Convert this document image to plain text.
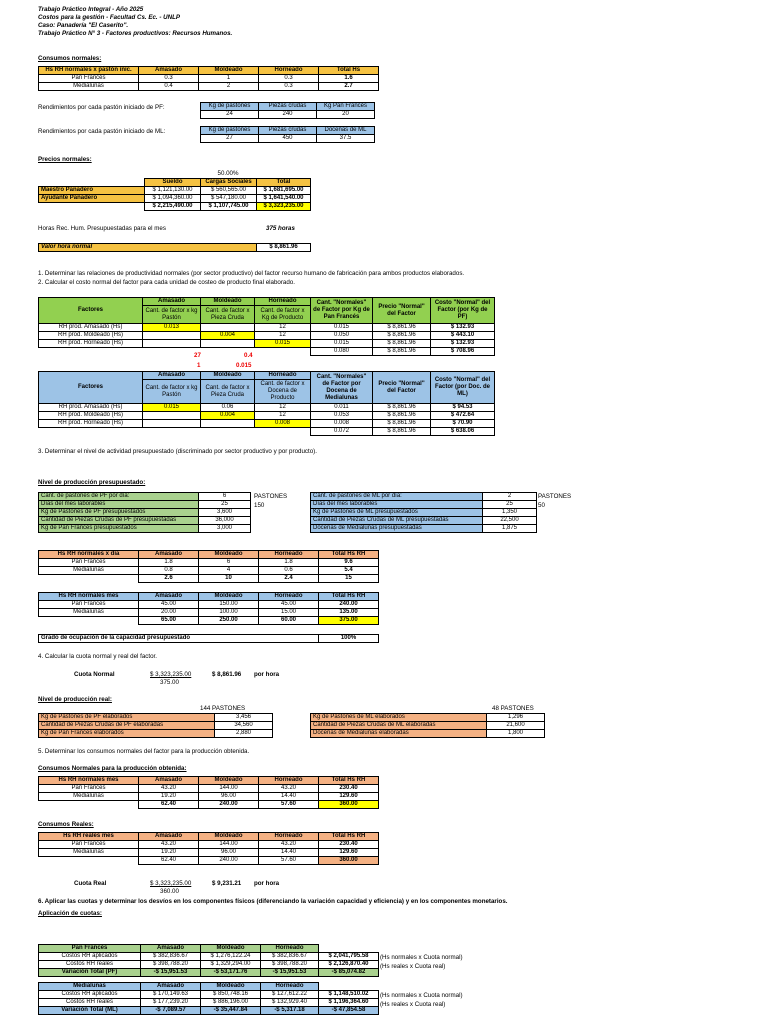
Trabajo Práctico Integral - Año 2025
Costos para la gestión - Facultad Cs. Ec. - UNLP
Caso: Panadería "El Caserito".
Trabajo Práctico N° 3 - Factores productivos: Recursos Humanos.
Consumos normales:
Hs RH normales x pastón inic.	Amasado	Moldeado	Horneado	Total Hs
Pan Francés	0.3	1	0.3	1.6
Medialunas	0.4	2	0.3	2.7
Rendimientos por cada pastón iniciado de PF:	Kg de pastones	Piezas crudas	Kg Pan Francés
24	240	20
Rendimientos por cada pastón iniciado de ML:	Kg de pastones	Piezas crudas	Docenas de ML
27	450	37.5
Precios normales:
50.00%
	Sueldo	Cargas Sociales	Total
Maestro Panadero	$ 1,121,130.00	$ 560,565.00	$ 1,681,695.00
Ayudante Panadero	$ 1,094,360.00	$ 547,180.00	$ 1,641,540.00
	$ 2,215,490.00	$ 1,107,745.00	$ 3,323,235.00
Horas Rec. Hum. Presupuestadas para el mes	375 horas
Valor hora normal	$ 8,861.96
1. Determinar las relaciones de productividad normales (por sector productivo) del factor recurso humano de fabricación para ambos productos elaborados.
2. Calcular el costo normal del factor para cada unidad de costeo de producto final elaborado.
Factores	Amasado	Moldeado	Horneado	Cant. "Normales" de Factor por Kg de Pan Francés	Precio "Normal" del Factor	Costo "Normal" del Factor (por Kg de PF)
	Cant. de factor x kg Pastón	Cant. de factor x Pieza Cruda	Cant. de factor x Kg de Producto			
RH prod. Amasado (Hs)	0.013		12	0.015	$ 8,861.96	$ 132.93
RH prod. Moldeado (Hs)		0.004	12	0.050	$ 8,861.96	$ 443.10
RH prod. Horneado (Hs)			0.015	0.015	$ 8,861.96	$ 132.93
				0.080	$ 8,861.96	$ 708.96
27	0.4
1	0.015
Factores	Amasado	Moldeado	Horneado	Cant. "Normales" de Factor por Docena de Medialunas	Precio "Normal" del Factor	Costo "Normal" del Factor (por Doc. de ML)
	Cant. de factor x kg Pastón	Cant. de factor x Pieza Cruda	Cant. de factor x Docena de Producto			
RH prod. Amasado (Hs)	0.015	0.06	12	0.011	$ 8,861.96	$ 94.53
RH prod. Moldeado (Hs)		0.004	12	0.053	$ 8,861.96	$ 472.64
RH prod. Horneado (Hs)			0.008	0.008	$ 8,861.96	$ 70.90
				0.072	$ 8,861.96	$ 638.06
3. Determinar el nivel de actividad presupuestado (discriminado por sector productivo y por producto).
Nivel de producción presupuestado:
Cant. de pastones de PF por día:	6
Días del mes laborables	25
Kg de Pastones de PF presupuestados	3,600
Cantidad de Piezas Crudas de PF presupuestadas	36,000
Kg de Pan Frances presupuestados	3,000
PASTONES
150
Cant. de pastones de ML por día:	2
Días del mes laborables	25
Kg de Pastones de ML presupuestados	1,350
Cantidad de Piezas Crudas de ML presupuestadas	22,500
Docenas de Medialunas presupuestadas	1,875
PASTONES
50
Hs RH normales x día	Amasado	Moldeado	Horneado	Total Hs RH
Pan Frances	1.8	6	1.8	9.6
Medialunas	0.8	4	0.6	5.4
	2.6	10	2.4	15
Hs RH normales mes	Amasado	Moldeado	Horneado	Total Hs RH
Pan Frances	45.00	150.00	45.00	240.00
Medialunas	20.00	100.00	15.00	135.00
	65.00	250.00	60.00	375.00
Grado de ocupación de la capacidad presupuestado	100%
4. Calcular la cuota normal y real del factor.
Cuota Normal	$ 3,323,235.00
375.00
$ 8,861.96 por hora
Nivel de producción real:
144 PASTONES	48 PASTONES
Kg de Pastones de PF elaborados	3,456
Cantidad de Piezas Crudas de PF elaboradas	34,560
Kg de Pan Frances elaborados	2,880
Kg de Pastones de ML elaborados	1,296
Cantidad de Piezas Crudas de ML elaboradas	21,600
Docenas de Medialunas elaboradas	1,800
5. Determinar los consumos normales del factor para la producción obtenida.
Consumos Normales para la producción obtenida:
Hs RH normales mes	Amasado	Moldeado	Horneado	Total Hs RH
Pan Frances	43.20	144.00	43.20	230.40
Medialunas	19.20	96.00	14.40	129.60
	62.40	240.00	57.60	360.00
Consumos Reales:
Hs RH reales mes	Amasado	Moldeado	Horneado	Total Hs RH
Pan Francés	43.20	144.00	43.20	230.40
Medialunas	19.20	96.00	14.40	129.60
	62.40	240.00	57.60	360.00
Cuota Real	$ 3,323,235.00
360.00
$ 9,231.21 por hora
6. Aplicar las cuotas y determinar los desvíos en los componentes físicos (diferenciando la variación capacidad y eficiencia) y en los componentes monetarios.
Aplicación de cuotas:
Pan Francés	Amasado	Moldeado	Horneado	
Costos RH aplicados	$ 382,836.67	$ 1,276,122.24	$ 382,836.67	$ 2,041,795.58
Costos RH reales	$ 398,788.20	$ 1,329,294.00	$ 398,788.20	$ 2,126,870.40
Variación Total (PF)	-$ 15,951.53	-$ 53,171.76	-$ 15,951.53	-$ 85,074.82
(Hs normales x Cuota normal)
(Hs reales x Cuota real)
Medialunas	Amasado	Moldeado	Horneado	
Costos RH aplicados	$ 170,149.63	$ 850,748.16	$ 127,612.22	$ 1,148,510.02
Costos RH reales	$ 177,239.20	$ 886,196.00	$ 132,929.40	$ 1,196,364.60
Variación Total (ML)	-$ 7,089.57	-$ 35,447.84	-$ 5,317.18	-$ 47,854.58
(Hs normales x Cuota normal)
(Hs reales x Cuota real)
